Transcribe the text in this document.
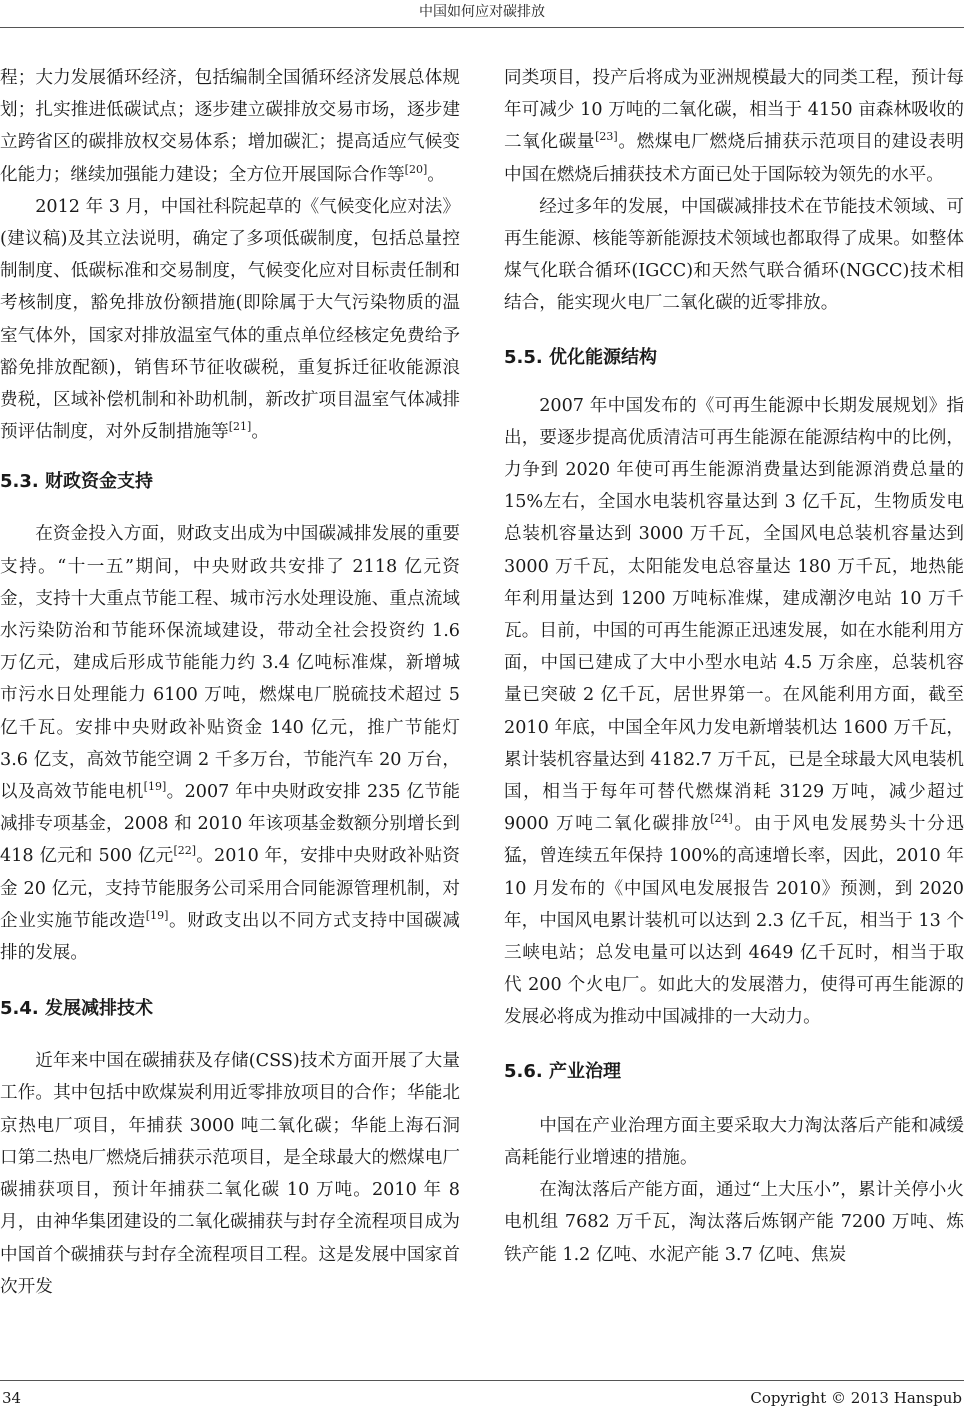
中国如何应对碳排放

程；大力发展循环经济，包括编制全国循环经济发展总体规划；扎实推进低碳试点；逐步建立碳排放交易市场，逐步建立跨省区的碳排放权交易体系；增加碳汇；提高适应气候变化能力；继续加强能力建设；全方位开展国际合作等[20]。

2012 年 3 月，中国社科院起草的《气候变化应对法》(建议稿)及其立法说明，确定了多项低碳制度，包括总量控制制度、低碳标准和交易制度，气候变化应对目标责任制和考核制度，豁免排放份额措施(即除属于大气污染物质的温室气体外，国家对排放温室气体的重点单位经核定免费给予豁免排放配额)，销售环节征收碳税，重复拆迁征收能源浪费税，区域补偿机制和补助机制，新改扩项目温室气体减排预评估制度，对外反制措施等[21]。

5.3. 财政资金支持

在资金投入方面，财政支出成为中国碳减排发展的重要支持。“十一五”期间，中央财政共安排了 2118 亿元资金，支持十大重点节能工程、城市污水处理设施、重点流域水污染防治和节能环保流域建设，带动全社会投资约 1.6 万亿元，建成后形成节能能力约 3.4 亿吨标准煤，新增城市污水日处理能力 6100 万吨，燃煤电厂脱硫技术超过 5 亿千瓦。安排中央财政补贴资金 140 亿元，推广节能灯 3.6 亿支，高效节能空调 2 千多万台，节能汽车 20 万台，以及高效节能电机[19]。2007 年中央财政安排 235 亿节能减排专项基金，2008 和 2010 年该项基金数额分别增长到 418 亿元和 500 亿元[22]。2010 年，安排中央财政补贴资金 20 亿元，支持节能服务公司采用合同能源管理机制，对企业实施节能改造[19]。财政支出以不同方式支持中国碳减排的发展。

5.4. 发展减排技术

近年来中国在碳捕获及存储(CSS)技术方面开展了大量工作。其中包括中欧煤炭利用近零排放项目的合作；华能北京热电厂项目，年捕获 3000 吨二氧化碳；华能上海石洞口第二热电厂燃烧后捕获示范项目，是全球最大的燃煤电厂碳捕获项目，预计年捕获二氧化碳 10 万吨。2010 年 8 月，由神华集团建设的二氧化碳捕获与封存全流程项目成为中国首个碳捕获与封存全流程项目工程。这是发展中国家首次开发

同类项目，投产后将成为亚洲规模最大的同类工程，预计每年可减少 10 万吨的二氧化碳，相当于 4150 亩森林吸收的二氧化碳量[23]。燃煤电厂燃烧后捕获示范项目的建设表明中国在燃烧后捕获技术方面已处于国际较为领先的水平。

经过多年的发展，中国碳减排技术在节能技术领域、可再生能源、核能等新能源技术领域也都取得了成果。如整体煤气化联合循环(IGCC)和天然气联合循环(NGCC)技术相结合，能实现火电厂二氧化碳的近零排放。

5.5. 优化能源结构

2007 年中国发布的《可再生能源中长期发展规划》指出，要逐步提高优质清洁可再生能源在能源结构中的比例，力争到 2020 年使可再生能源消费量达到能源消费总量的 15%左右，全国水电装机容量达到 3 亿千瓦，生物质发电总装机容量达到 3000 万千瓦，全国风电总装机容量达到 3000 万千瓦，太阳能发电总容量达 180 万千瓦，地热能年利用量达到 1200 万吨标准煤，建成潮汐电站 10 万千瓦。目前，中国的可再生能源正迅速发展，如在水能利用方面，中国已建成了大中小型水电站 4.5 万余座，总装机容量已突破 2 亿千瓦，居世界第一。在风能利用方面，截至 2010 年底，中国全年风力发电新增装机达 1600 万千瓦，累计装机容量达到 4182.7 万千瓦，已是全球最大风电装机国，相当于每年可替代燃煤消耗 3129 万吨，减少超过 9000 万吨二氧化碳排放[24]。由于风电发展势头十分迅猛，曾连续五年保持 100%的高速增长率，因此，2010 年 10 月发布的《中国风电发展报告 2010》预测，到 2020 年，中国风电累计装机可以达到 2.3 亿千瓦，相当于 13 个三峡电站；总发电量可以达到 4649 亿千瓦时，相当于取代 200 个火电厂。如此大的发展潜力，使得可再生能源的发展必将成为推动中国减排的一大动力。

5.6. 产业治理

中国在产业治理方面主要采取大力淘汰落后产能和减缓高耗能行业增速的措施。

在淘汰落后产能方面，通过“上大压小”，累计关停小火电机组 7682 万千瓦，淘汰落后炼钢产能 7200 万吨、炼铁产能 1.2 亿吨、水泥产能 3.7 亿吨、焦炭

34	Copyright © 2013 Hanspub
